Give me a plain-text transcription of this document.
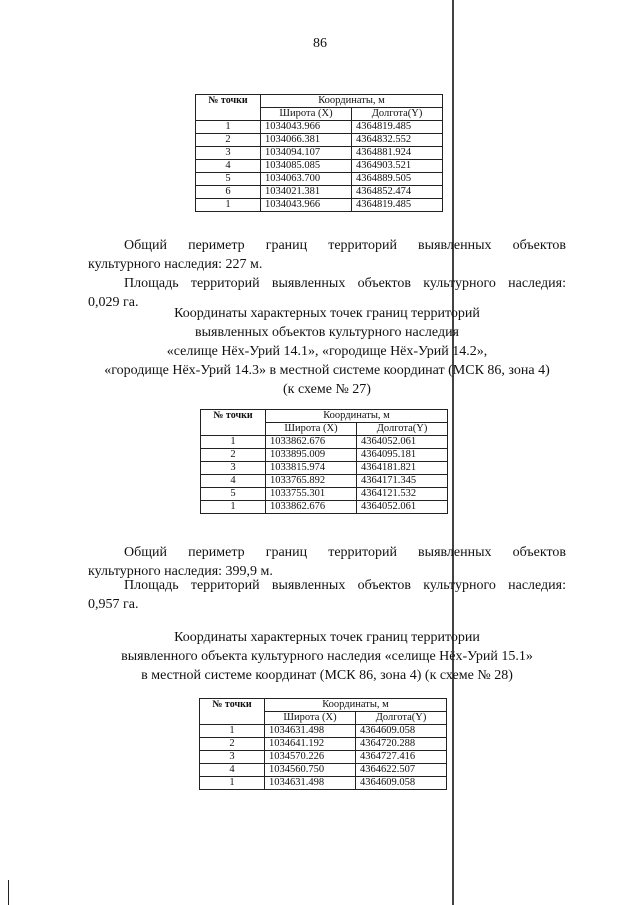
86
№ точки	Координаты, м	
	Широта (X)	Долгота(Y)
1	1034043.966	4364819.485
2	1034066.381	4364832.552
3	1034094.107	4364881.924
4	1034085.085	4364903.521
5	1034063.700	4364889.505
6	1034021.381	4364852.474
1	1034043.966	4364819.485

Общий периметр границ территорий выявленных объектов
культурного наследия: 227 м.

Площадь территорий выявленных объектов культурного наследия:
0,029 га.

Координаты характерных точек границ территорий
выявленных объектов культурного наследия
«селище Нёх-Урий 14.1», «городище Нёх-Урий 14.2»,
«городище Нёх-Урий 14.3» в местной системе координат (МСК 86, зона 4)
(к схеме № 27)
№ точки	Координаты, м	
	Широта (X)	Долгота(Y)
1	1033862.676	4364052.061
2	1033895.009	4364095.181
3	1033815.974	4364181.821
4	1033765.892	4364171.345
5	1033755.301	4364121.532
1	1033862.676	4364052.061

Общий периметр границ территорий выявленных объектов
культурного наследия: 399,9 м.

Площадь территорий выявленных объектов культурного наследия:
0,957 га.

Координаты характерных точек границ территории
выявленного объекта культурного наследия «селище Нёх-Урий 15.1»
в местной системе координат (МСК 86, зона 4) (к схеме № 28)
№ точки	Координаты, м	
	Широта (X)	Долгота(Y)
1	1034631.498	4364609.058
2	1034641.192	4364720.288
3	1034570.226	4364727.416
4	1034560.750	4364622.507
1	1034631.498	4364609.058
